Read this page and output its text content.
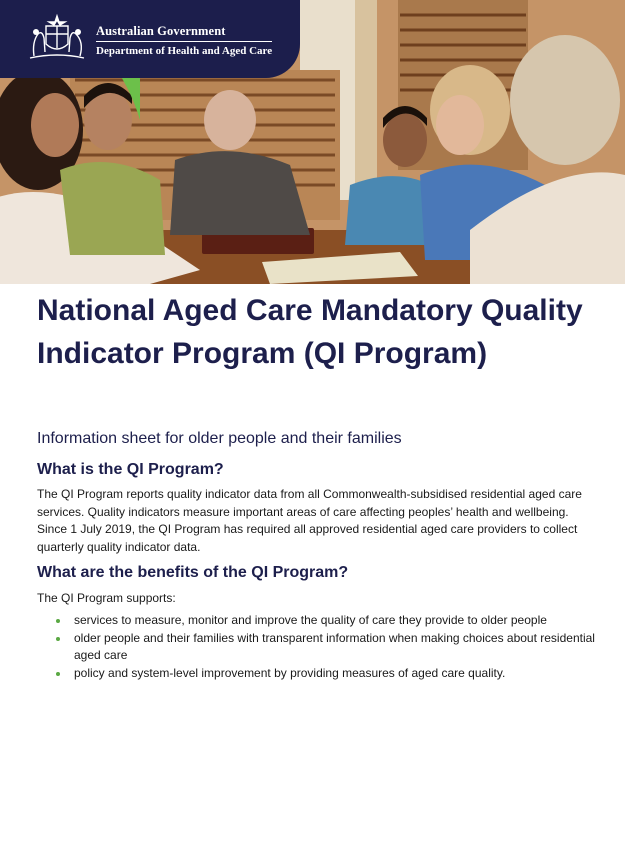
Australian Government
Department of Health and Aged Care
National Aged Care Mandatory Quality Indicator Program (QI Program)

Information sheet for older people and their families

What is the QI Program?

The QI Program reports quality indicator data from all Commonwealth-subsidised residential aged care services. Quality indicators measure important areas of care affecting peoples’ health and wellbeing. Since 1 July 2019, the QI Program has required all approved residential aged care providers to collect quarterly quality indicator data.

What are the benefits of the QI Program?

The QI Program supports:

services to measure, monitor and improve the quality of care they provide to older people
older people and their families with transparent information when making choices about residential aged care
policy and system-level improvement by providing measures of aged care quality.
